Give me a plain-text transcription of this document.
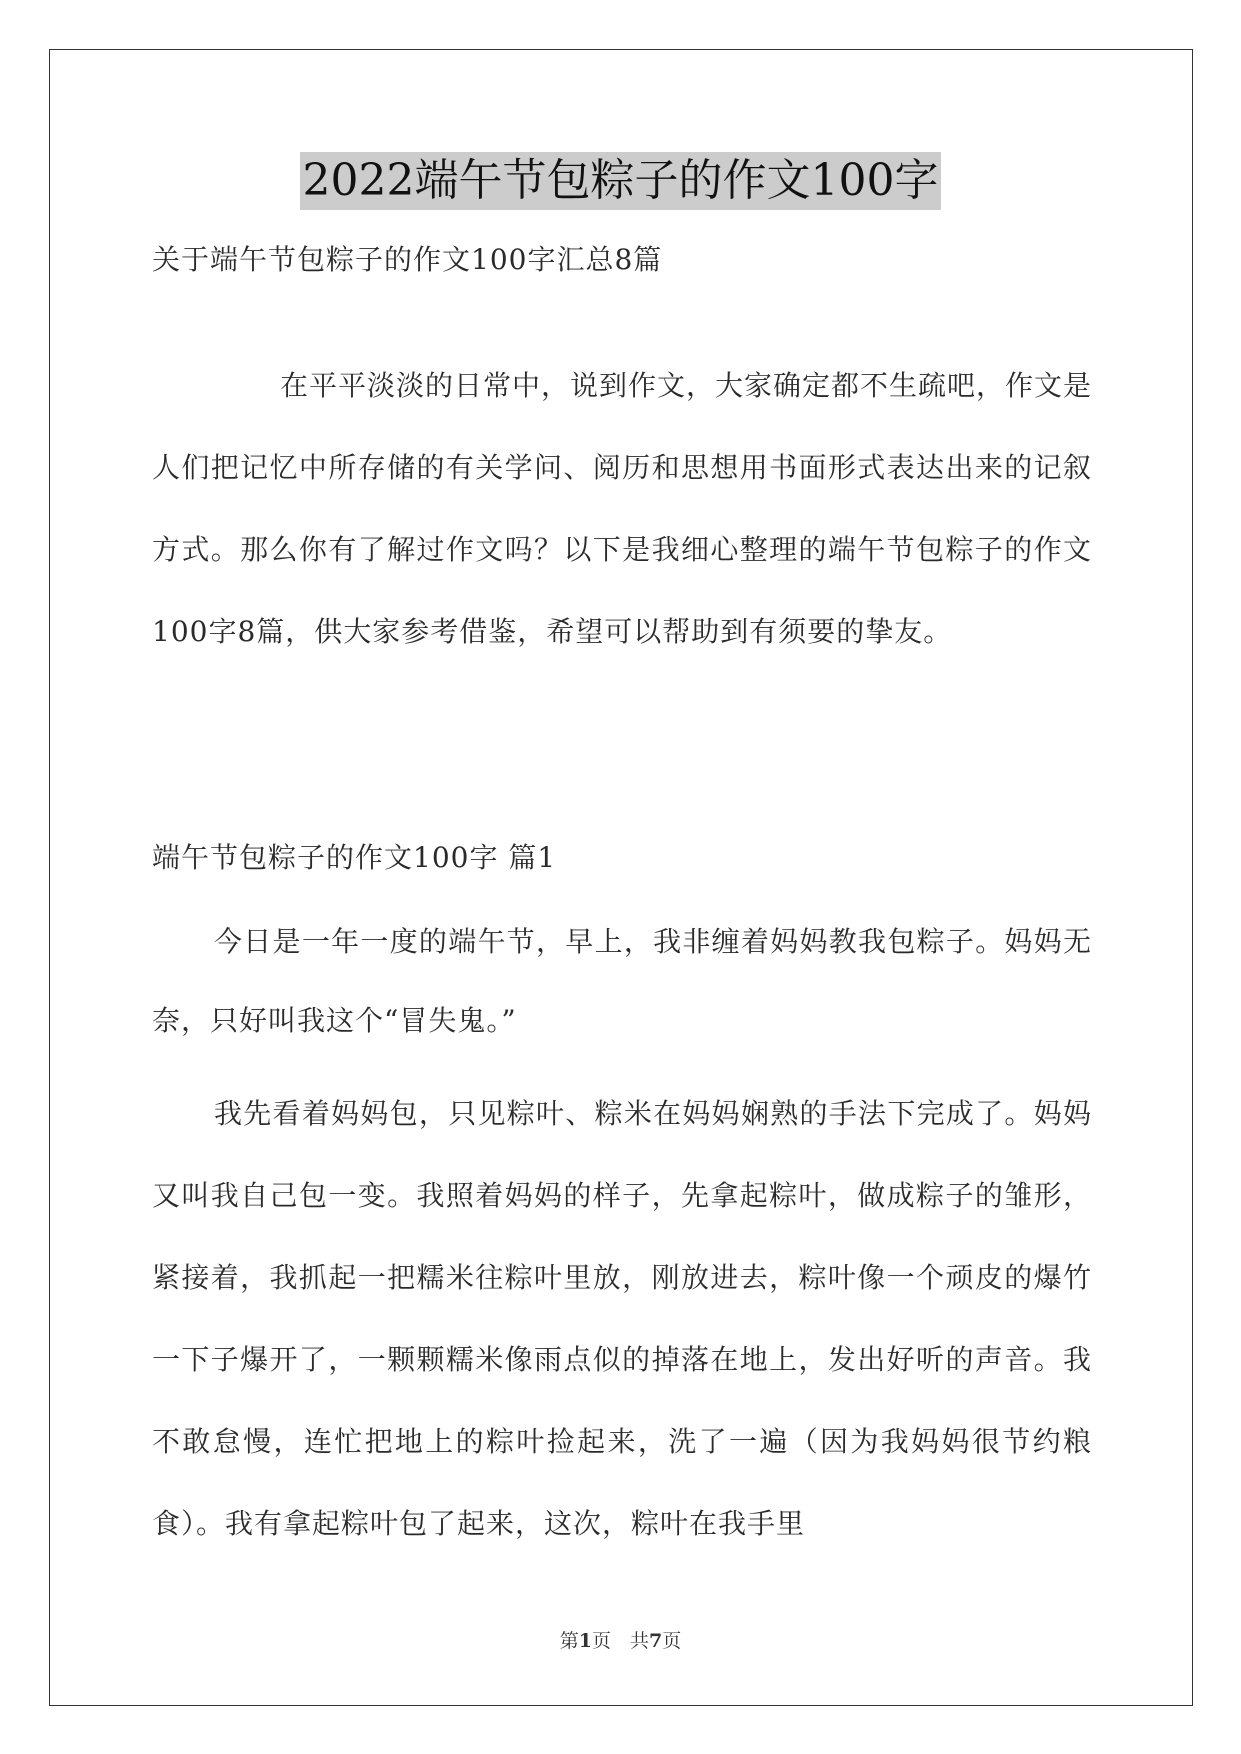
2022端午节包粽子的作文100字
关于端午节包粽子的作文100字汇总8篇
在平平淡淡的日常中，说到作文，大家确定都不生疏吧，作文是人们把记忆中所存储的有关学问、阅历和思想用书面形式表达出来的记叙方式。那么你有了解过作文吗？以下是我细心整理的端午节包粽子的作文100字8篇，供大家参考借鉴，希望可以帮助到有须要的挚友。
端午节包粽子的作文100字 篇1
今日是一年一度的端午节，早上，我非缠着妈妈教我包粽子。妈妈无奈，只好叫我这个“冒失鬼。”
我先看着妈妈包，只见粽叶、粽米在妈妈娴熟的手法下完成了。妈妈又叫我自己包一变。我照着妈妈的样子，先拿起粽叶，做成粽子的雏形，紧接着，我抓起一把糯米往粽叶里放，刚放进去，粽叶像一个顽皮的爆竹一下子爆开了，一颗颗糯米像雨点似的掉落在地上，发出好听的声音。我不敢怠慢，连忙把地上的粽叶捡起来，洗了一遍（因为我妈妈很节约粮食）。我有拿起粽叶包了起来，这次，粽叶在我手里
第1页　共7页
